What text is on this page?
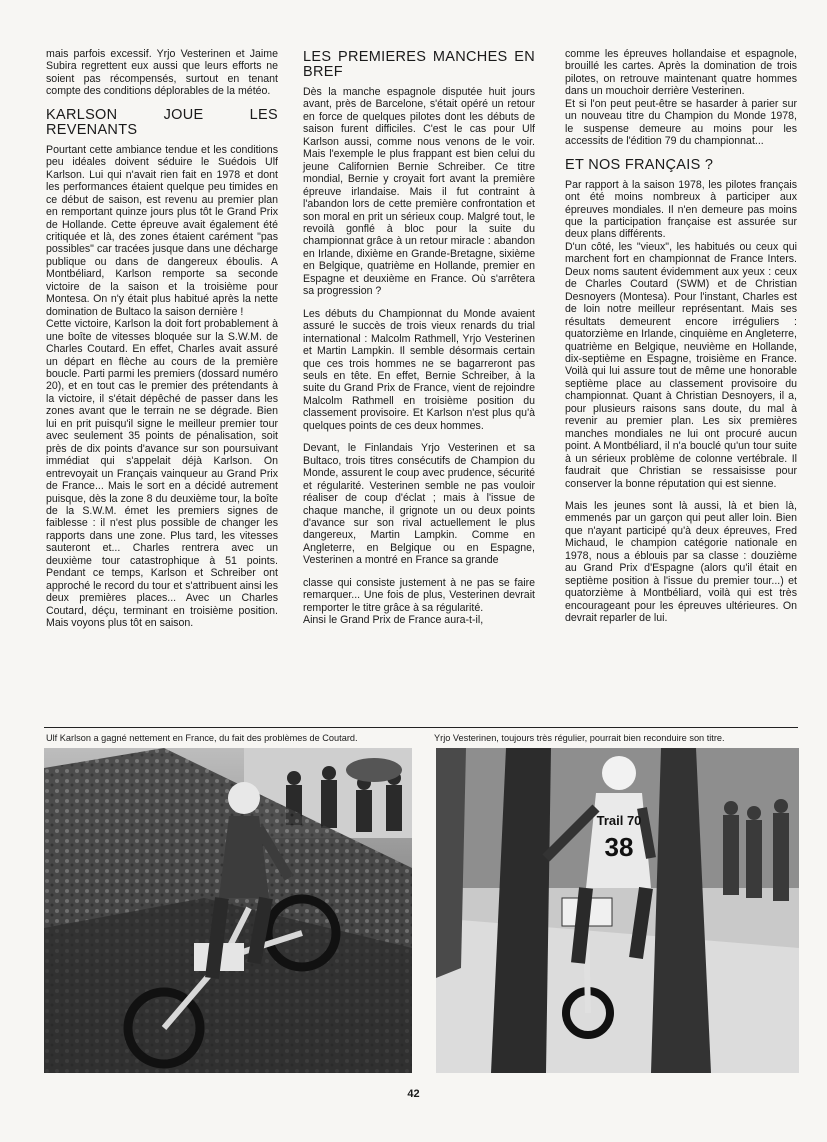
mais parfois excessif. Yrjo Vesterinen et Jaime Subira regrettent eux aussi que leurs efforts ne soient pas récompensés, surtout en tenant compte des conditions déplorables de la météo.

KARLSON JOUE LES REVENANTS

Pourtant cette ambiance tendue et les conditions peu idéales doivent séduire le Suédois Ulf Karlson. Lui qui n'avait rien fait en 1978 et dont les performances étaient quelque peu timides en ce début de saison, est revenu au premier plan en remportant quinze jours plus tôt le Grand Prix de Hollande. Cette épreuve avait également été critiquée et là, des zones étaient carément "pas possibles" car tracées jusque dans une décharge publique ou dans de dangereux éboulis. A Montbéliard, Karlson remporte sa seconde victoire de la saison et la troisième pour Montesa. On n'y était plus habitué après la nette domination de Bultaco la saison dernière !

Cette victoire, Karlson la doit fort probablement à une boîte de vitesses bloquée sur la S.W.M. de Charles Coutard. En effet, Charles avait assuré un départ en flèche au cours de la première boucle. Parti parmi les premiers (dossard numéro 20), et en tout cas le premier des prétendants à la victoire, il s'était dépêché de passer dans les zones avant que le terrain ne se dégrade. Bien lui en prit puisqu'il signe le meilleur premier tour avec seulement 35 points de pénalisation, soit près de dix points d'avance sur son poursuivant immédiat qui s'appelait déjà Karlson. On entrevoyait un Français vainqueur au Grand Prix de France... Mais le sort en a décidé autrement puisque, dès la zone 8 du deuxième tour, la boîte de la S.W.M. émet les premiers signes de faiblesse : il n'est plus possible de changer les rapports dans une zone. Plus tard, les vitesses sauteront et... Charles rentrera avec un deuxième tour catastrophique à 51 points. Pendant ce temps, Karlson et Schreiber ont approché le record du tour et s'attribuent ainsi les deux premières places... Avec un Charles Coutard, déçu, terminant en troisième position. Mais voyons plus tôt en saison.

LES PREMIERES MANCHES EN BREF

Dès la manche espagnole disputée huit jours avant, près de Barcelone, s'était opéré un retour en force de quelques pilotes dont les débuts de saison furent difficiles. C'est le cas pour Ulf Karlson aussi, comme nous venons de le voir. Mais l'exemple le plus frappant est bien celui du jeune Californien Bernie Schreiber. Ce titre mondial, Bernie y croyait fort avant la première épreuve irlandaise. Mais il fut contraint à l'abandon lors de cette première confrontation et son moral en prit un sérieux coup. Malgré tout, le revoilà gonflé à bloc pour la suite du championnat grâce à un retour miracle : abandon en Irlande, dixième en Grande-Bretagne, sixième en Belgique, quatrième en Hollande, premier en Espagne et deuxième en France. Où s'arrêtera sa progression ?

Les débuts du Championnat du Monde avaient assuré le succès de trois vieux renards du trial international : Malcolm Rathmell, Yrjo Vesterinen et Martin Lampkin. Il semble désormais certain que ces trois hommes ne se bagarreront pas seuls en tête. En effet, Bernie Schreiber, à la suite du Grand Prix de France, vient de rejoindre Malcolm Rathmell en troisième position du classement provisoire. Et Karlson n'est plus qu'à quelques points de ces deux hommes.

Devant, le Finlandais Yrjo Vesterinen et sa Bultaco, trois titres consécutifs de Champion du Monde, assurent le coup avec prudence, sécurité et régularité. Vesterinen semble ne pas vouloir réaliser de coup d'éclat ; mais à l'issue de chaque manche, il grignote un ou deux points d'avance sur son rival actuellement le plus dangereux, Martin Lampkin. Comme en Angleterre, en Belgique ou en Espagne, Vesterinen a montré en France sa grande

classe qui consiste justement à ne pas se faire remarquer... Une fois de plus, Vesterinen devrait remporter le titre grâce à sa régularité.

Ainsi le Grand Prix de France aura-t-il,

comme les épreuves hollandaise et espagnole, brouillé les cartes. Après la domination de trois pilotes, on retrouve maintenant quatre hommes dans un mouchoir derrière Vesterinen.

Et si l'on peut peut-être se hasarder à parier sur un nouveau titre du Champion du Monde 1978, le suspense demeure au moins pour les accessits de l'édition 79 du championnat...

ET NOS FRANÇAIS ?

Par rapport à la saison 1978, les pilotes français ont été moins nombreux à participer aux épreuves mondiales. Il n'en demeure pas moins que la participation française est assurée sur deux plans différents.

D'un côté, les "vieux", les habitués ou ceux qui marchent fort en championnat de France Inters. Deux noms sautent évidemment aux yeux : ceux de Charles Coutard (SWM) et de Christian Desnoyers (Montesa). Pour l'instant, Charles est de loin notre meilleur représentant. Mais ses résultats demeurent encore irréguliers : quatorzième en Irlande, cinquième en Angleterre, quatrième en Belgique, neuvième en Hollande, dix-septième en Espagne, troisième en France. Voilà qui lui assure tout de même une honorable septième place au classement provisoire du championnat. Quant à Christian Desnoyers, il a, pour plusieurs raisons sans doute, du mal à revenir au premier plan. Les six premières manches mondiales ne lui ont procuré aucun point. A Montbéliard, il n'a bouclé qu'un tour suite à un sérieux problème de colonne vertébrale. Il faudrait que Christian se ressaisisse pour conserver la bonne réputation qui est sienne.

Mais les jeunes sont là aussi, là et bien là, emmenés par un garçon qui peut aller loin. Bien que n'ayant participé qu'à deux épreuves, Fred Michaud, le champion catégorie nationale en 1978, nous a éblouis par sa classe : douzième au Grand Prix d'Espagne (alors qu'il était en septième position à l'issue du premier tour...) et quatorzième à Montbéliard, voilà qui est très encourageant pour les épreuves ultérieures. On devrait reparler de lui.

Ulf Karlson a gagné nettement en France, du fait des problèmes de Coutard.	Yrjo Vesterinen, toujours très régulier, pourrait bien reconduire son titre.
Trail 70
38
42
